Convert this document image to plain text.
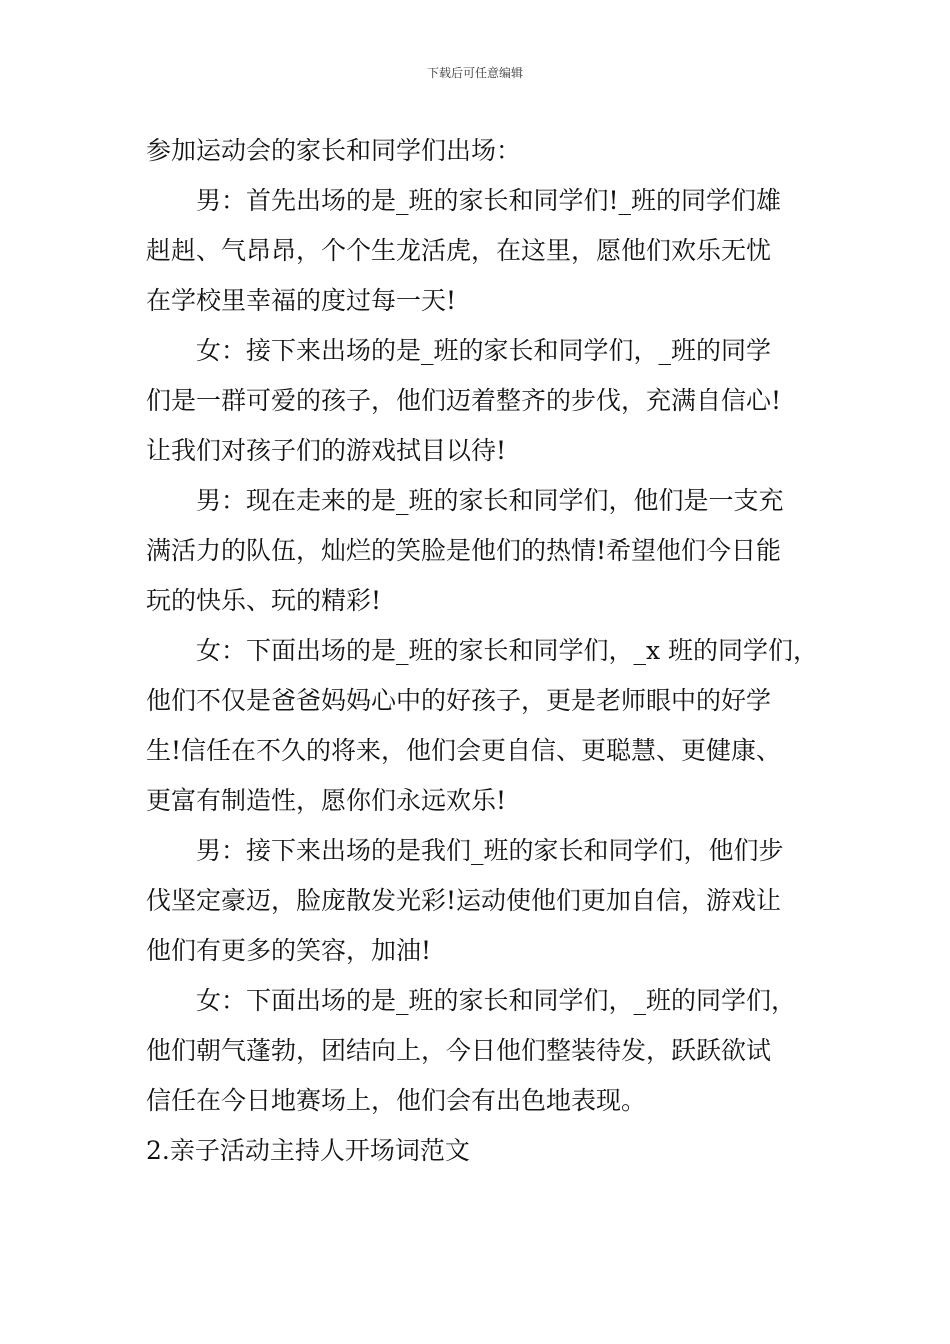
下载后可任意编辑
参加运动会的家长和同学们出场：
男：首先出场的是_班的家长和同学们!_班的同学们雄
赳赳、气昂昂，个个生龙活虎，在这里，愿他们欢乐无忧
在学校里幸福的度过每一天!
女：接下来出场的是_班的家长和同学们，_班的同学
们是一群可爱的孩子，他们迈着整齐的步伐，充满自信心!
让我们对孩子们的游戏拭目以待!
男：现在走来的是_班的家长和同学们，他们是一支充
满活力的队伍，灿烂的笑脸是他们的热情!希望他们今日能
玩的快乐、玩的精彩!
女：下面出场的是_班的家长和同学们，_x 班的同学们，
他们不仅是爸爸妈妈心中的好孩子，更是老师眼中的好学
生!信任在不久的将来，他们会更自信、更聪慧、更健康、
更富有制造性，愿你们永远欢乐!
男：接下来出场的是我们_班的家长和同学们，他们步
伐坚定豪迈，脸庞散发光彩!运动使他们更加自信，游戏让
他们有更多的笑容，加油!
女：下面出场的是_班的家长和同学们，_班的同学们，
他们朝气蓬勃，团结向上，今日他们整装待发，跃跃欲试
信任在今日地赛场上，他们会有出色地表现。
2.亲子活动主持人开场词范文
